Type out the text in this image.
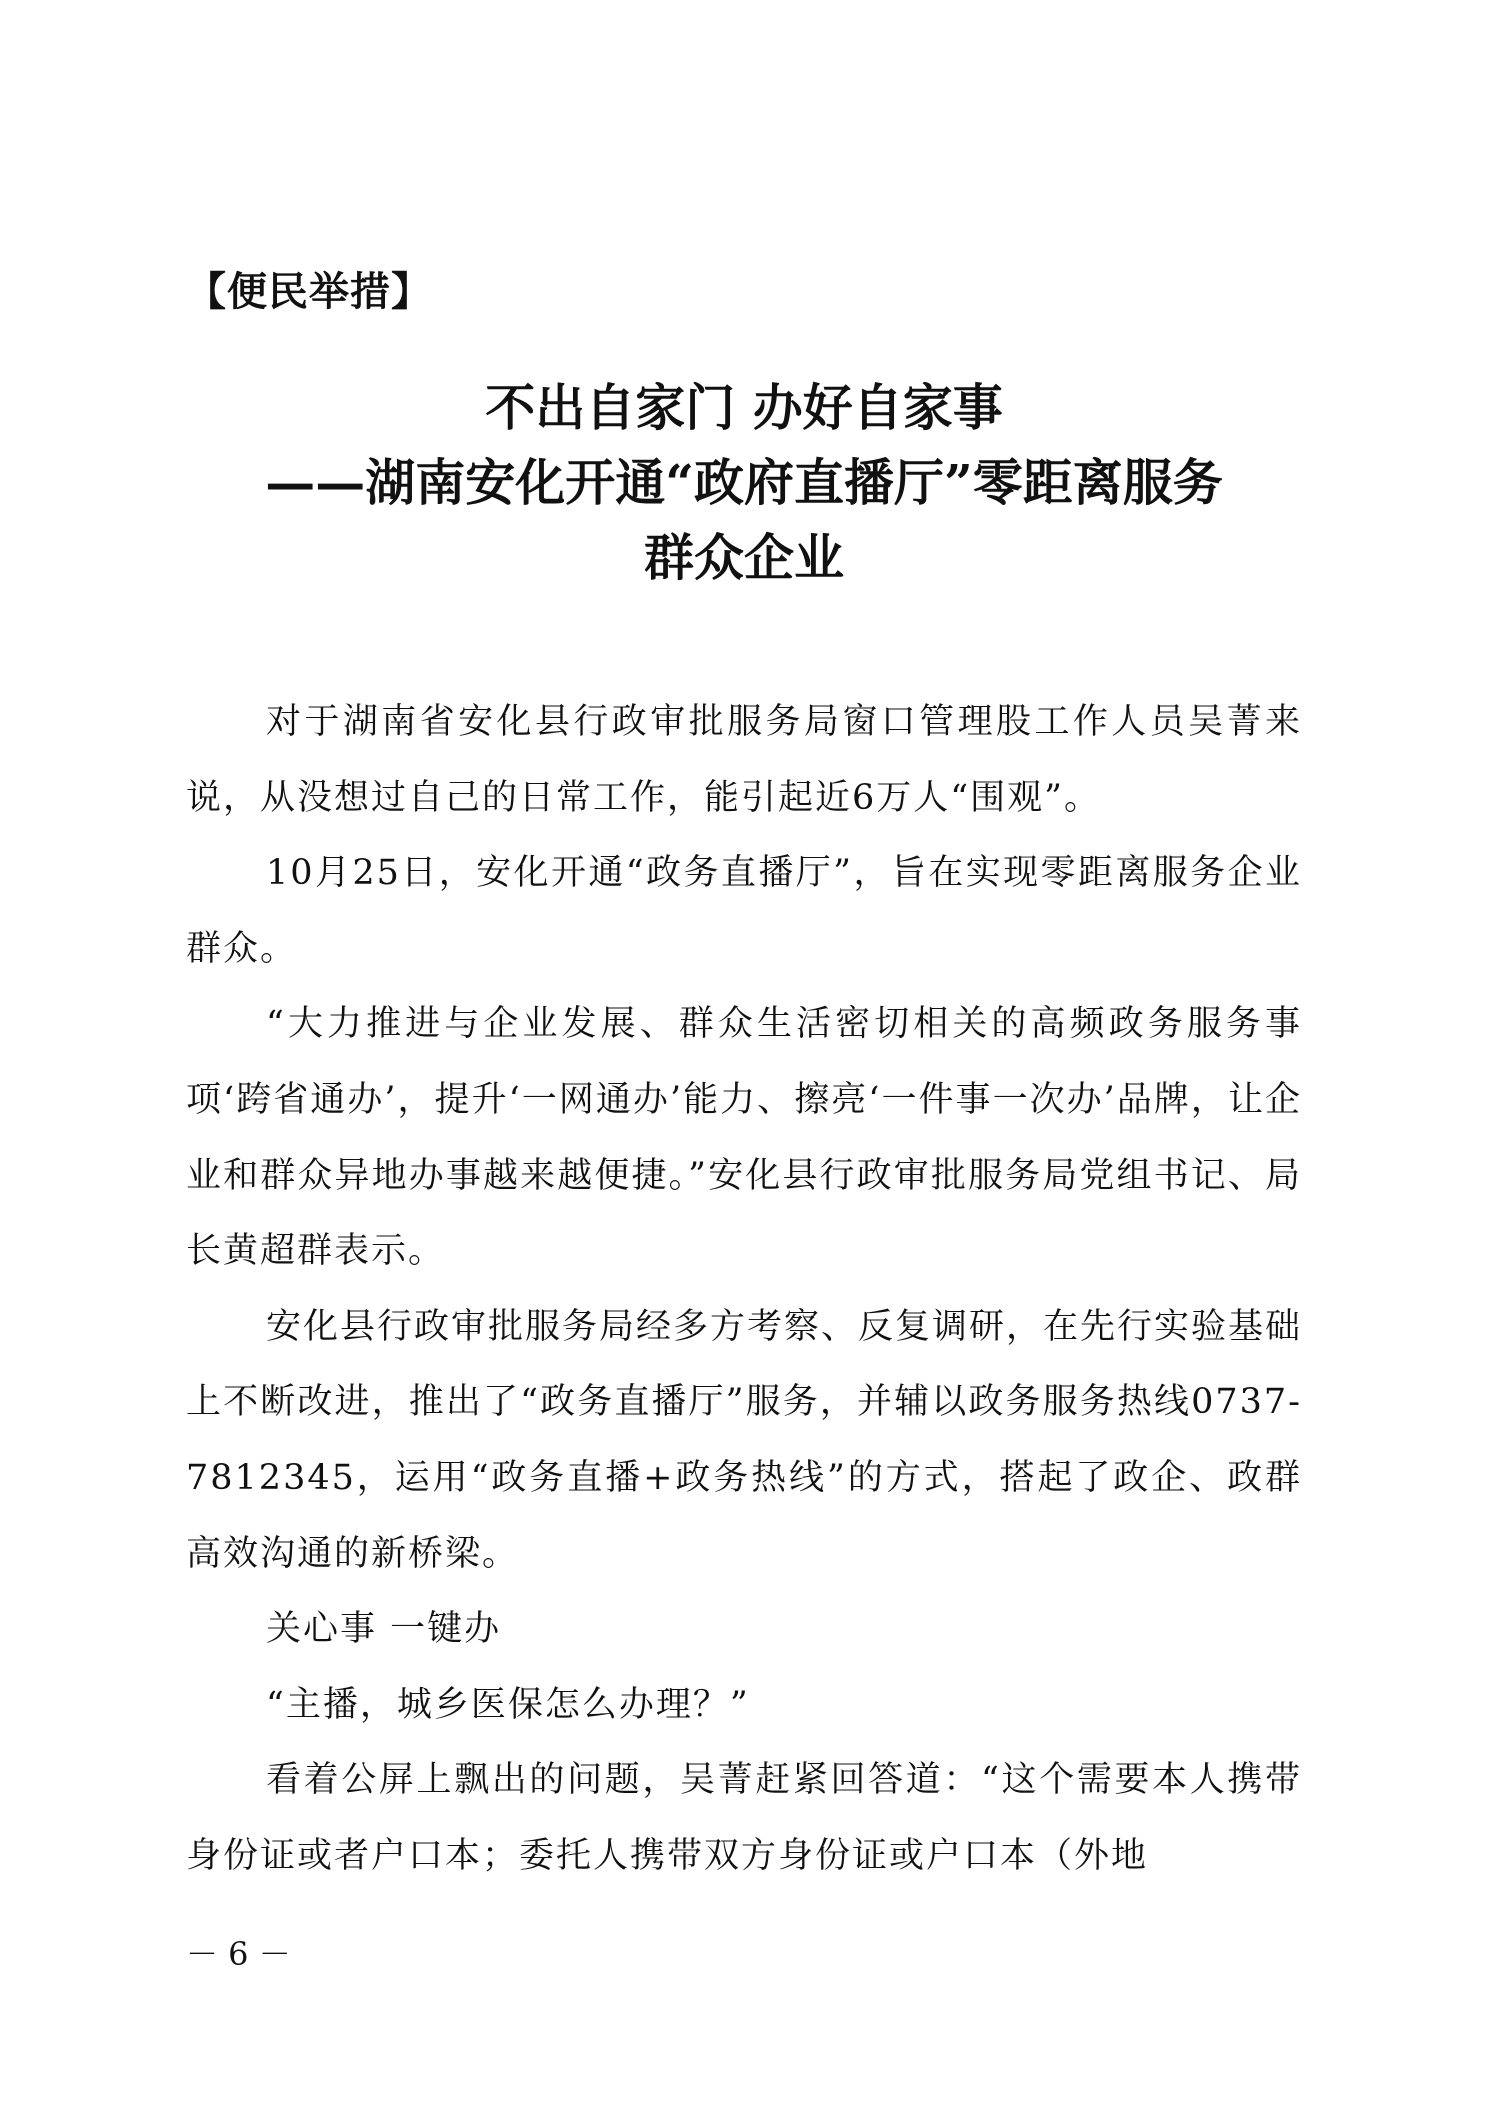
【便民举措】
不出自家门 办好自家事
——湖南安化开通“政府直播厅”零距离服务
群众企业

对于湖南省安化县行政审批服务局窗口管理股工作人员吴菁来说，从没想过自己的日常工作，能引起近6万人“围观”。

10月25日，安化开通“政务直播厅”，旨在实现零距离服务企业群众。

“大力推进与企业发展、群众生活密切相关的高频政务服务事项‘跨省通办’，提升‘一网通办’能力、擦亮‘一件事一次办’品牌，让企业和群众异地办事越来越便捷。”安化县行政审批服务局党组书记、局长黄超群表示。

安化县行政审批服务局经多方考察、反复调研，在先行实验基础上不断改进，推出了“政务直播厅”服务，并辅以政务服务热线0737-7812345，运用“政务直播+政务热线”的方式，搭起了政企、政群高效沟通的新桥梁。

关心事 一键办

“主播，城乡医保怎么办理？”

看着公屏上飘出的问题，吴菁赶紧回答道：“这个需要本人携带身份证或者户口本；委托人携带双方身份证或户口本（外地

－ 6 －
